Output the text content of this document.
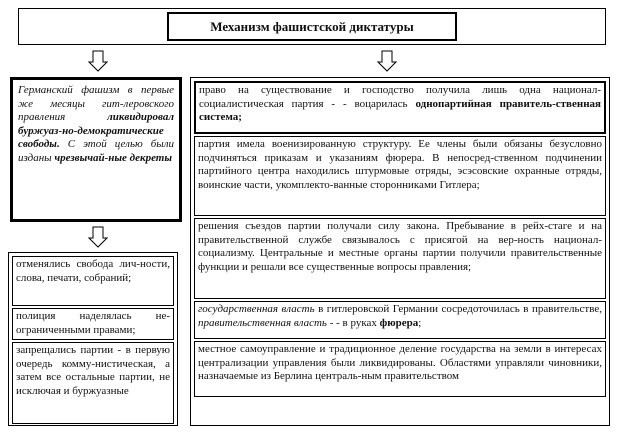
Механизм фашистской диктатуры
Германский фашизм в первые же месяцы гит-леровского правления	ликвидировал буржуаз-но-демократические свободы. С этой целью были изданы чрезвычай-ные декреты
отменялись свобода лич-ности, слова, печати, собраний;
полиция наделялась не-ограниченными правами;
запрещались партии - в первую очередь комму-нистическая, а затем все остальные партии, не исключая и буржуазные
право на существование и господство получила лишь одна национал-социалистическая партия - - воцарилась однопартийная правитель-ственная система;
партия имела военизированную структуру. Ее члены были обязаны безусловно подчиняться приказам и указаниям фюрера. В непосред-ственном подчинении партийного центра находились штурмовые отряды, эсэсовские охранные отряды, воинские части, укомплекто-ванные сторонниками Гитлера;
решения съездов партии получали силу закона. Пребывание в рейх-стаге и на правительственной службе связывалось с присягой на вер-ность национал-социализму. Центральные и местные органы партии получили правительственные функции и решали все существенные вопросы правления;
государственная власть в гитлеровской Германии сосредоточилась в правительстве, правительственная власть - - в руках фюрера;
местное самоуправление и традиционное деление государства на земли в интересах централизации управления были ликвидированы. Областями управляли чиновники, назначаемые из Берлина централь-ным правительством
